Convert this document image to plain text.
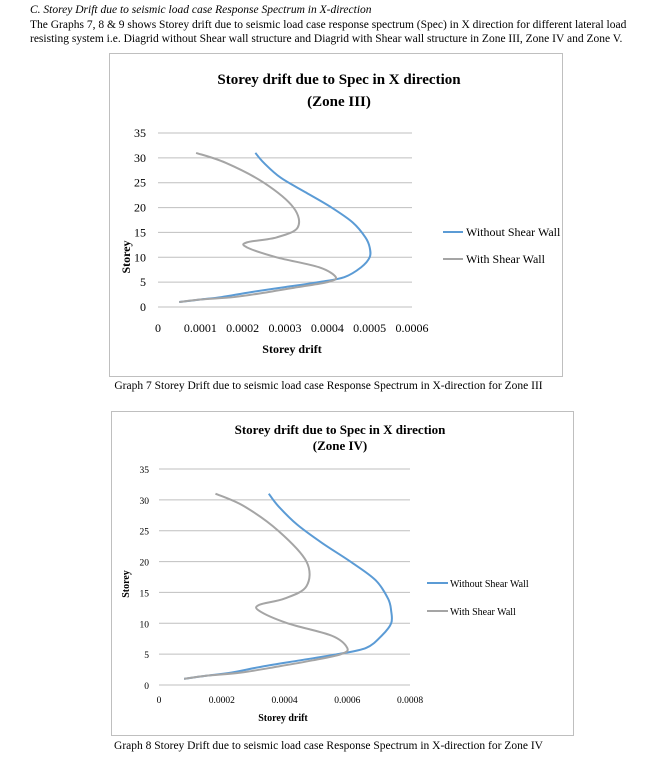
C. Storey Drift due to seismic load case Response Spectrum in X-direction
The Graphs 7, 8 & 9 shows Storey drift due to seismic load case response spectrum (Spec) in X direction for different lateral load resisting system i.e. Diagrid without Shear wall structure and Diagrid with Shear wall structure in Zone III, Zone IV and Zone V.
Storey drift due to Spec in X direction
(Zone III)
Storey drift
Storey
Without Shear Wall
With Shear Wall
0
5
10
15
20
25
30
35
0 0.0001 0.0002 0.0003 0.0004 0.0005 0.0006
Graph 7 Storey Drift due to seismic load case Response Spectrum in X-direction for Zone III
Storey drift due to Spec in X direction
(Zone IV)
Storey drift
Storey	Without Shear Wall
With Shear Wall
0
5
10
15
20
25
30
35
0	0.0002	0.0004	0.0006	0.0008
Graph 8 Storey Drift due to seismic load case Response Spectrum in X-direction for Zone IV
